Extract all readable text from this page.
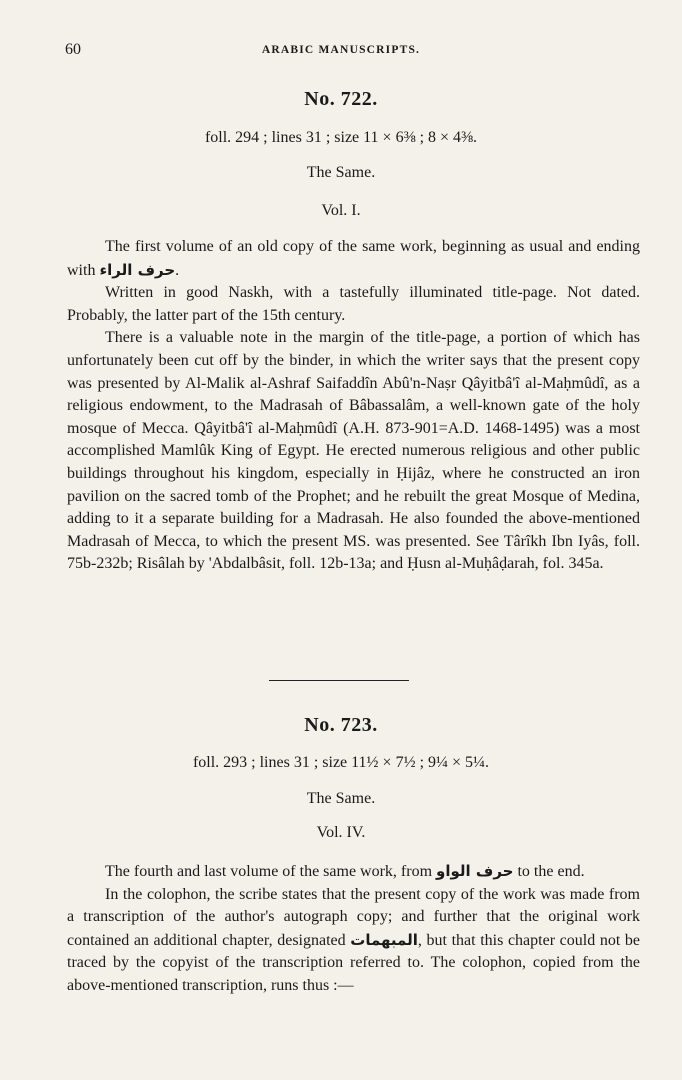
60	ARABIC MANUSCRIPTS.
No. 722.
foll. 294 ; lines 31 ; size 11 × 6⅜ ; 8 × 4⅜.
The Same.
Vol. I.

The first volume of an old copy of the same work, beginning as usual and ending with حرف الراء.

Written in good Naskh, with a tastefully illuminated title-page. Not dated. Probably, the latter part of the 15th century.

There is a valuable note in the margin of the title-page, a portion of which has unfortunately been cut off by the binder, in which the writer says that the present copy was presented by Al-Malik al-Ashraf Saifaddîn Abû'n-Naṣr Qâyitbâ'î al-Maḥmûdî, as a religious endowment, to the Madrasah of Bâbassalâm, a well-known gate of the holy mosque of Mecca. Qâyitbâ'î al-Maḥmûdî (A.H. 873-901=A.D. 1468-1495) was a most accomplished Mamlûk King of Egypt. He erected numerous religious and other public buildings throughout his kingdom, especially in Ḥijâz, where he constructed an iron pavilion on the sacred tomb of the Prophet; and he rebuilt the great Mosque of Medina, adding to it a separate building for a Madrasah. He also founded the above-mentioned Madrasah of Mecca, to which the present MS. was presented. See Târîkh Ibn Iyâs, foll. 75b-232b; Risâlah by 'Abdalbâsit, foll. 12b-13a; and Ḥusn al-Muḥâḍarah, fol. 345a.

No. 723.
foll. 293 ; lines 31 ; size 11½ × 7½ ; 9¼ × 5¼.
The Same.
Vol. IV.

The fourth and last volume of the same work, from حرف الواو to the end.

In the colophon, the scribe states that the present copy of the work was made from a transcription of the author's autograph copy; and further that the original work contained an additional chapter, designated المبهمات, but that this chapter could not be traced by the copyist of the transcription referred to. The colophon, copied from the above-mentioned transcription, runs thus :—
